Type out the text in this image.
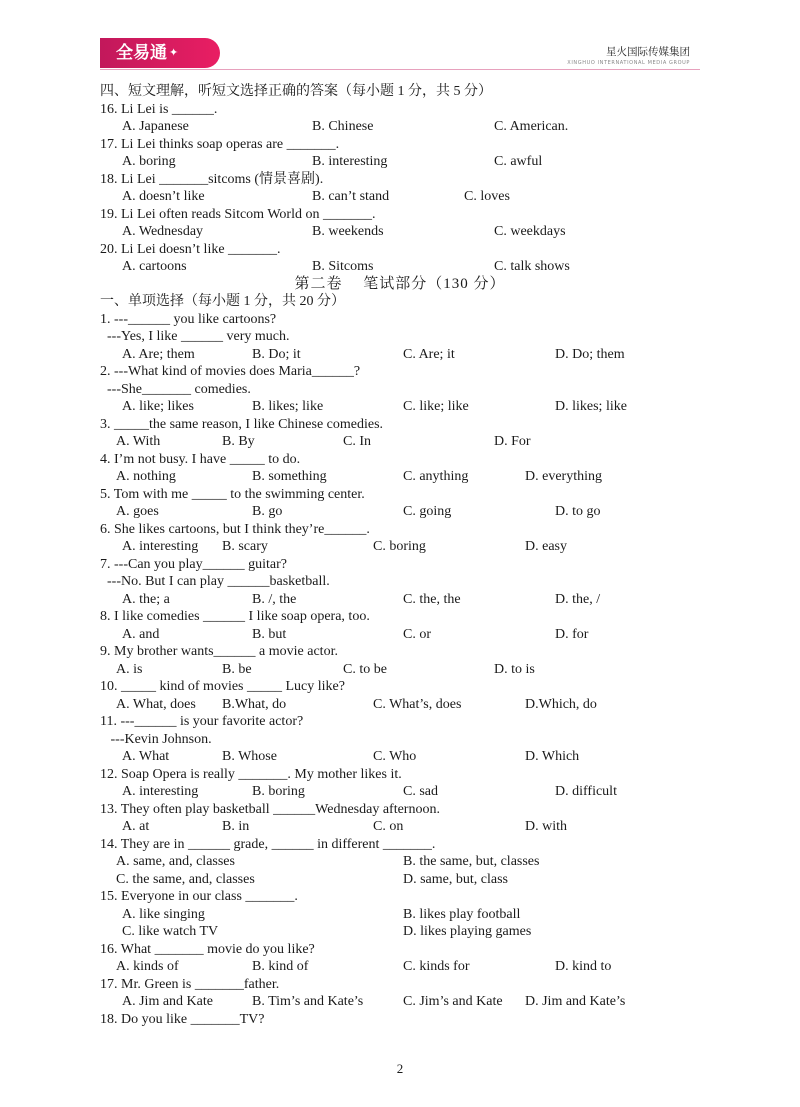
全易通 ✦	星火国际传媒集团
XINGHUO INTERNATIONAL MEDIA GROUP
四、短文理解，听短文选择正确的答案（每小题 1 分，共 5 分）
16. Li Lei is ______.
A. Japanese	B. Chinese	C. American.
17. Li Lei thinks soap operas are _______.
A. boring	B. interesting	C. awful
18. Li Lei _______sitcoms (情景喜剧).
A. doesn’t like	B. can’t stand	C. loves
19. Li Lei often reads Sitcom World on _______.
A. Wednesday	B. weekends	C. weekdays
20. Li Lei doesn’t like _______.
A. cartoons	B. Sitcoms	C. talk shows
第二卷　 笔试部分（130 分）
一、单项选择（每小题 1 分，共 20 分）
1. ---______ you like cartoons?
---Yes, I like ______ very much.
A. Are; them	B. Do; it	C. Are; it	D. Do; them
2. ---What kind of movies does Maria______?
---She_______ comedies.
A. like; likes	B. likes; like	C. like; like	D. likes; like
3. _____the same reason, I like Chinese comedies.
A. With	B. By	C. In	D. For
4. I’m not busy. I have _____ to do.
A. nothing	B. something	C. anything	D. everything
5. Tom with me _____ to the swimming center.
A. goes	B. go	C. going	D. to go
6. She likes cartoons, but I think they’re______.
A. interesting B. scary	C. boring	D. easy
7. ---Can you play______ guitar?
---No. But I can play ______basketball.
A. the; a	B. /, the	C. the, the	D. the, /
8. I like comedies ______ I like soap opera, too.
A. and	B. but	C. or	D. for
9. My brother wants______ a movie actor.
A. is	B. be	C. to be	D. to is
10. _____ kind of movies _____ Lucy like?
A. What, does B.What, do	C. What’s, does	D.Which, do
11. ---______ is your favorite actor?
---Kevin Johnson.
A. What	B. Whose	C. Who	D. Which
12. Soap Opera is really _______. My mother likes it.
A. interesting	B. boring	C. sad	D. difficult
13. They often play basketball ______Wednesday afternoon.
A. at	B. in	C. on	D. with
14. They are in ______ grade, ______ in different _______.
A. same, and, classes	B. the same, but, classes
C. the same, and, classes	D. same, but, class
15. Everyone in our class _______.
A. like singing	B. likes play football
C. like watch TV	D. likes playing games
16. What _______ movie do you like?
A. kinds of	B. kind of	C. kinds for	D. kind to
17. Mr. Green is _______father.
A. Jim and Kate	B. Tim’s and Kate’s	C. Jim’s and Kate D. Jim and Kate’s
18. Do you like _______TV?
2
